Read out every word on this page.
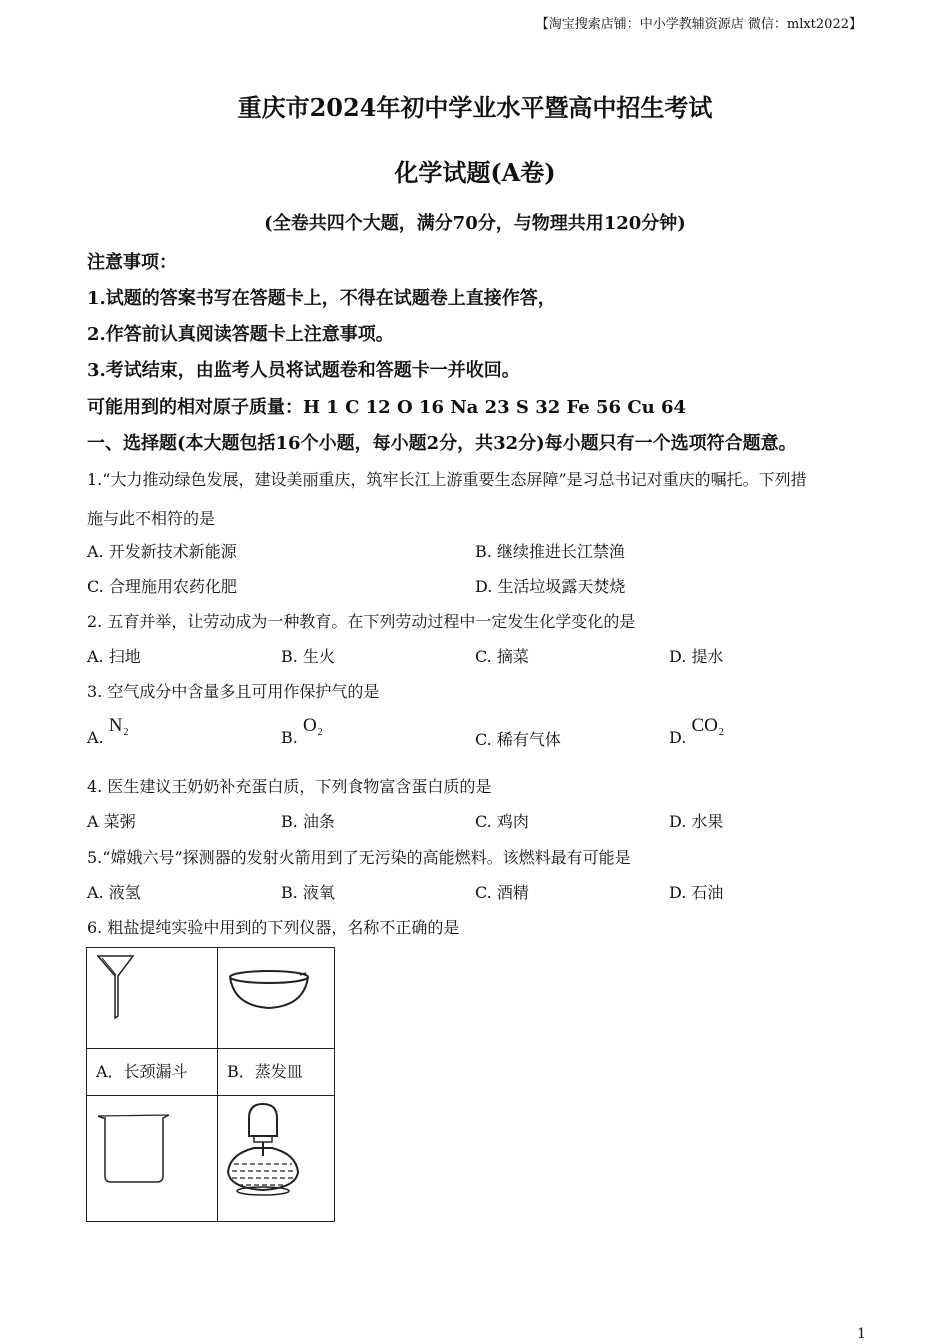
【淘宝搜索店铺：中小学教辅资源店 微信：mlxt2022】
重庆市2024年初中学业水平暨高中招生考试
化学试题(A卷)
(全卷共四个大题，满分70分，与物理共用120分钟)
注意事项：
1.试题的答案书写在答题卡上，不得在试题卷上直接作答，
2.作答前认真阅读答题卡上注意事项。
3.考试结束，由监考人员将试题卷和答题卡一并收回。
可能用到的相对原子质量：H 1 C 12 O 16 Na 23 S 32 Fe 56 Cu 64
一、选择题(本大题包括16个小题，每小题2分，共32分)每小题只有一个选项符合题意。
1.“大力推动绿色发展，建设美丽重庆，筑牢长江上游重要生态屏障”是习总书记对重庆的嘱托。下列措
施与此不相符的是
A. 开发新技术新能源	B. 继续推进长江禁渔
C. 合理施用农药化肥	D. 生活垃圾露天焚烧
2. 五育并举，让劳动成为一种教育。在下列劳动过程中一定发生化学变化的是
A. 扫地	B. 生火	C. 摘菜	D. 提水
3. 空气成分中含量多且可用作保护气的是
A. $N_2$	B. $O_2$	C. 稀有气体	D. $CO_2$
4. 医生建议王奶奶补充蛋白质，下列食物富含蛋白质的是
A 菜粥	B. 油条	C. 鸡肉	D. 水果
5.“嫦娥六号”探测器的发射火箭用到了无污染的高能燃料。该燃料最有可能是
A. 液氢	B. 液氧	C. 酒精	D. 石油
6. 粗盐提纯实验中用到的下列仪器，名称不正确的是

A．长颈漏斗	B．蒸发皿

1
